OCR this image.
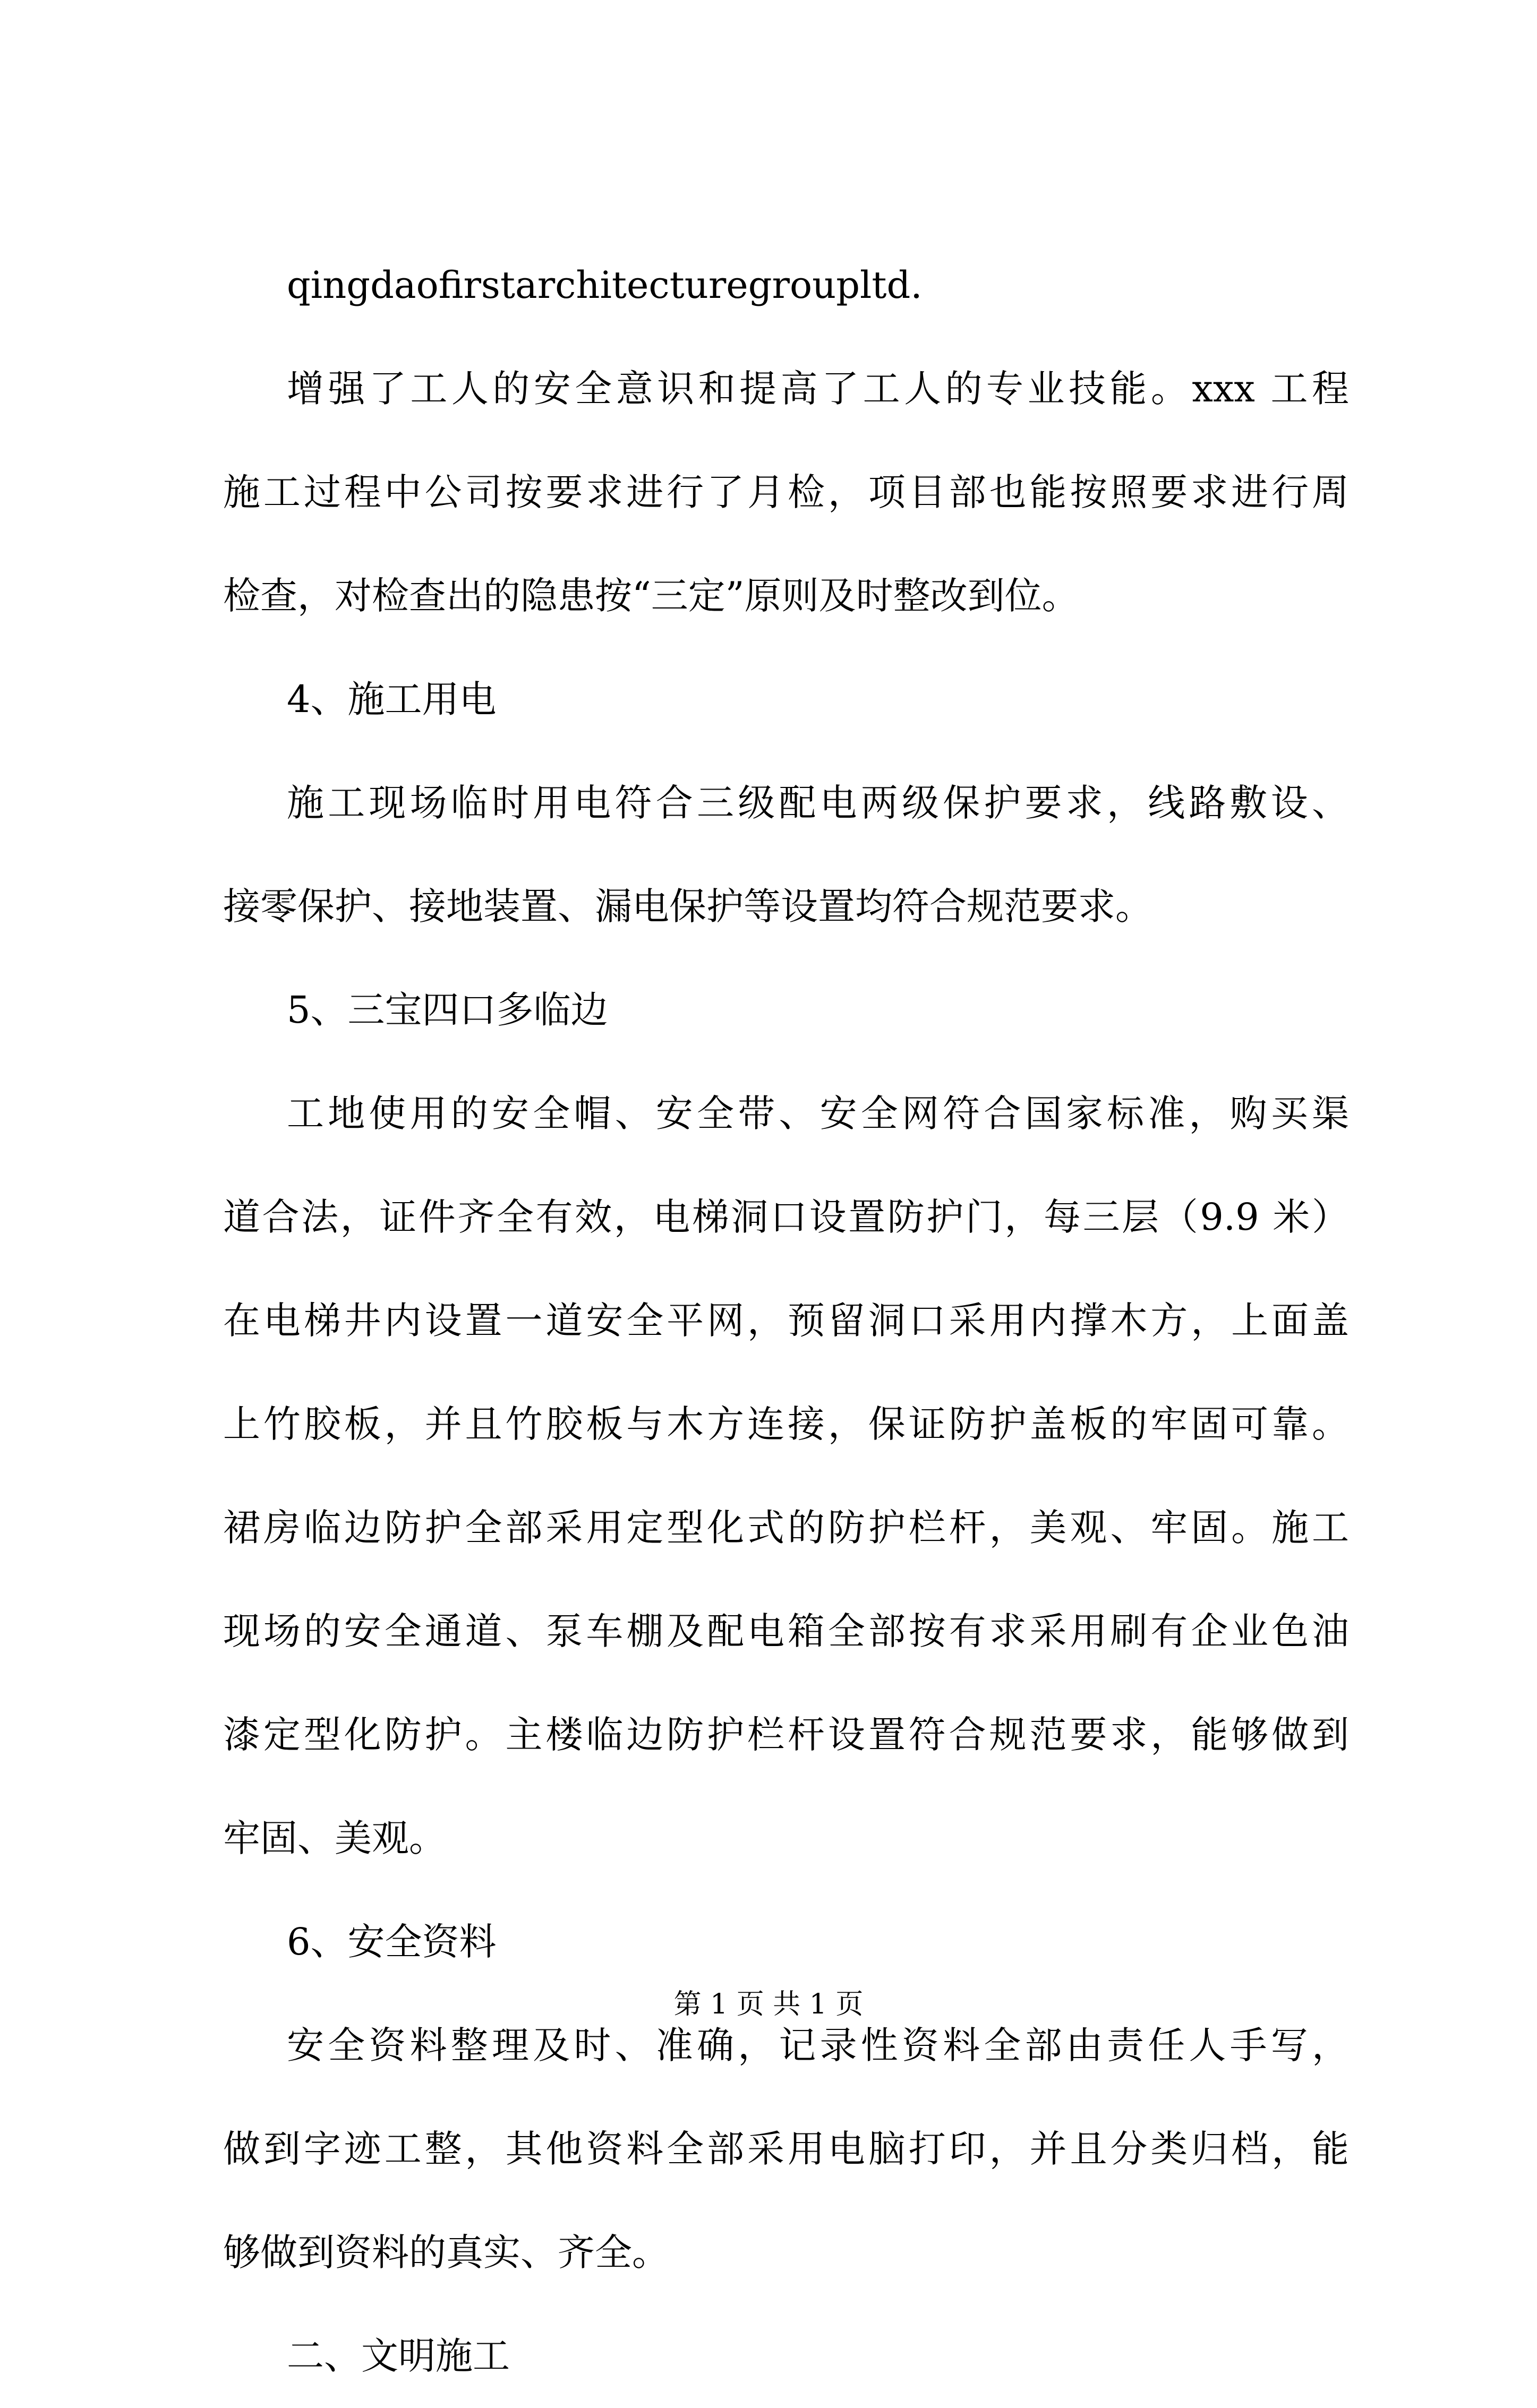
qingdaofirstarchitecturegroupltd.
增强了工人的安全意识和提高了工人的专业技能。xxx 工程
施工过程中公司按要求进行了月检，项目部也能按照要求进行周
检查，对检查出的隐患按“三定”原则及时整改到位。
4、施工用电
施工现场临时用电符合三级配电两级保护要求，线路敷设、
接零保护、接地装置、漏电保护等设置均符合规范要求。
5、三宝四口多临边
工地使用的安全帽、安全带、安全网符合国家标准，购买渠
道合法，证件齐全有效，电梯洞口设置防护门，每三层（9.9 米）
在电梯井内设置一道安全平网，预留洞口采用内撑木方，上面盖
上竹胶板，并且竹胶板与木方连接，保证防护盖板的牢固可靠。
裙房临边防护全部采用定型化式的防护栏杆，美观、牢固。施工
现场的安全通道、泵车棚及配电箱全部按有求采用刷有企业色油
漆定型化防护。主楼临边防护栏杆设置符合规范要求，能够做到
牢固、美观。
6、安全资料
安全资料整理及时、准确，记录性资料全部由责任人手写，
做到字迹工整，其他资料全部采用电脑打印，并且分类归档，能
够做到资料的真实、齐全。
二、文明施工
第 1 页 共 1 页
